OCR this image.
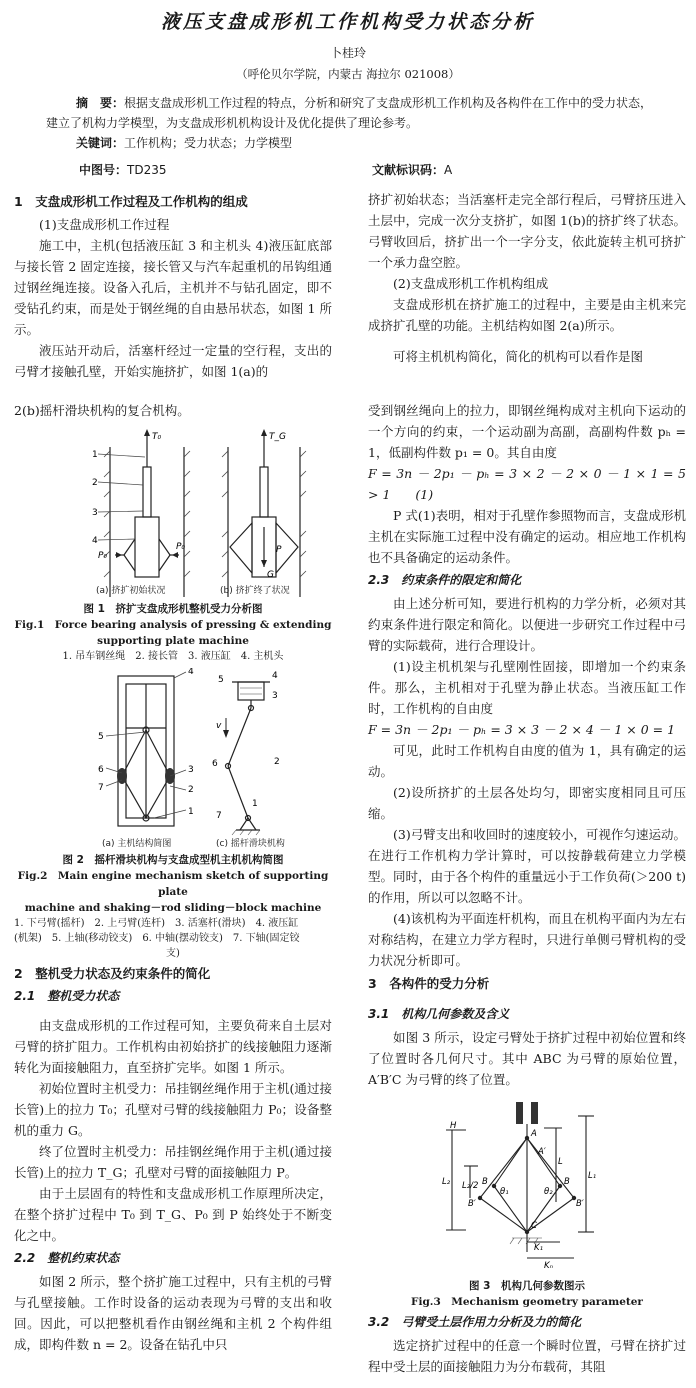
液压支盘成形机工作机构受力状态分析
卜桂玲
（呼伦贝尔学院，内蒙古 海拉尔 021008）

摘　要：根据支盘成形机工作过程的特点，分析和研究了支盘成形机工作机构及各构件在工作中的受力状态，建立了机构力学模型，为支盘成形机机构设计及优化提供了理论参考。

关键词：工作机构；受力状态；力学模型

中图号：TD235	文献标识码：A
1　支盘成形机工作过程及工作机构的组成

(1)支盘成形机工作过程

施工中，主机(包括液压缸 3 和主机头 4)液压缸底部与接长管 2 固定连接，接长管又与汽车起重机的吊钩组通过钢丝绳连接。设备入孔后，主机并不与钻孔固定，即不受钻孔约束，而是处于钢丝绳的自由悬吊状态，如图 1 所示。

液压站开动后，活塞杆经过一定量的空行程，支出的弓臂才接触孔壁，开始实施挤扩，如图 1(a)的

挤扩初始状态；当活塞杆走完全部行程后，弓臂挤压进入土层中，完成一次分支挤扩，如图 1(b)的挤扩终了状态。弓臂收回后，挤扩出一个一字分支，依此旋转主机可挤扩一个承力盘空腔。

(2)支盘成形机工作机构组成

支盘成形机在挤扩施工的过程中，主要是由主机来完成挤扩孔壁的功能。主机结构如图 2(a)所示。

可将主机机构简化，简化的机构可以看作是图

2(b)摇杆滑块机构的复合机构。

T₀
P₀
P₀
1
2
3
4
T_G
G
P
(a) 挤扩初始状况	(b) 挤扩终了状况
图 1　挤扩支盘成形机整机受力分析图
Fig.1　Force bearing analysis of pressing & extending
supporting plate machine
1. 吊车钢丝绳　2. 接长管　3. 液压缸　4. 主机头
4
5
6
7
3
2
1
5	4
3
v
6	2
7
1
(a) 主机结构简图	(c) 摇杆滑块机构
图 2　摇杆滑块机构与支盘成型机主机机构简图
Fig.2　Main engine mechanism sketch of supporting plate
machine and shaking－rod sliding－block machine
1. 下弓臂(摇杆)　2. 上弓臂(连杆)　3. 活塞杆(滑块)　4. 液压缸
(机架)　5. 上轴(移动铰支)　6. 中轴(摆动铰支)　7. 下轴(固定铰
支)
2　整机受力状态及约束条件的简化
2.1　整机受力状态

由支盘成形机的工作过程可知，主要负荷来自土层对弓臂的挤扩阻力。工作机构由初始挤扩的线接触阻力逐渐转化为面接触阻力，直至挤扩完毕。如图 1 所示。

初始位置时主机受力：吊挂钢丝绳作用于主机(通过接长管)上的拉力 T₀；孔壁对弓臂的线接触阻力 P₀；设备整机的重力 G。

终了位置时主机受力：吊挂钢丝绳作用于主机(通过接长管)上的拉力 T_G；孔壁对弓臂的面接触阻力 P。

由于土层固有的特性和支盘成形机工作原理所决定，在整个挤扩过程中 T₀ 到 T_G、P₀ 到 P 始终处于不断变化之中。

2.2　整机约束状态

如图 2 所示，整个挤扩施工过程中，只有主机的弓臂与孔壁接触。工作时设备的运动表现为弓臂的支出和收回。因此，可以把整机看作由钢丝绳和主机 2 个构件组成，即构件数 n = 2。设备在钻孔中只

受到钢丝绳向上的拉力，即钢丝绳构成对主机向下运动的一个方向的约束，一个运动副为高副，高副构件数 pₕ = 1，低副构件数 p₁ = 0。其自由度

F = 3n － 2p₁ － pₕ = 3 × 2 － 2 × 0 － 1 × 1 = 5 > 1　　(1)

P 式(1)表明，相对于孔壁作参照物而言，支盘成形机主机在实际施工过程中没有确定的运动。相应地工作机构也不具备确定的运动条件。

2.3　约束条件的限定和简化

由上述分析可知，要进行机构的力学分析，必须对其约束条件进行限定和简化。以便进一步研究工作过程中弓臂的实际载荷，进行合理设计。

(1)设主机机架与孔壁刚性固接，即增加一个约束条件。那么，主机相对于孔壁为静止状态。当液压缸工作时，工作机构的自由度

F = 3n － 2p₁ － pₕ = 3 × 3 － 2 × 4 － 1 × 0 = 1

可见，此时工作机构自由度的值为 1，具有确定的运动。

(2)设所挤扩的土层各处均匀，即密实度相同且可压缩。

(3)弓臂支出和收回时的速度较小，可视作匀速运动。在进行工作机构力学计算时，可以按静载荷建立力学模型。同时，由于各个构件的重量远小于工作负荷(＞200 t)的作用，所以可以忽略不计。

(4)该机构为平面连杆机构，而且在机构平面内为左右对称结构，在建立力学方程时，只进行单侧弓臂机构的受力状况分析即可。

3　各构件的受力分析
3.1　机构几何参数及含义

如图 3 所示，设定弓臂处于挤扩过程中初始位置和终了位置时各几何尺寸。其中 ABC 为弓臂的原始位置，A′B′C 为弓臂的终了位置。

A
A′
B	B
B′	B′
C
L₂ L₂/2
L
L₁
H
K₁
Kₙ
θ₁	θ₂
图 3　机构几何参数图示
Fig.3　Mechanism geometry parameter
3.2　弓臂受土层作用力分析及力的简化

选定挤扩过程中的任意一个瞬时位置，弓臂在挤扩过程中受土层的面接触阻力为分布载荷，其阻
